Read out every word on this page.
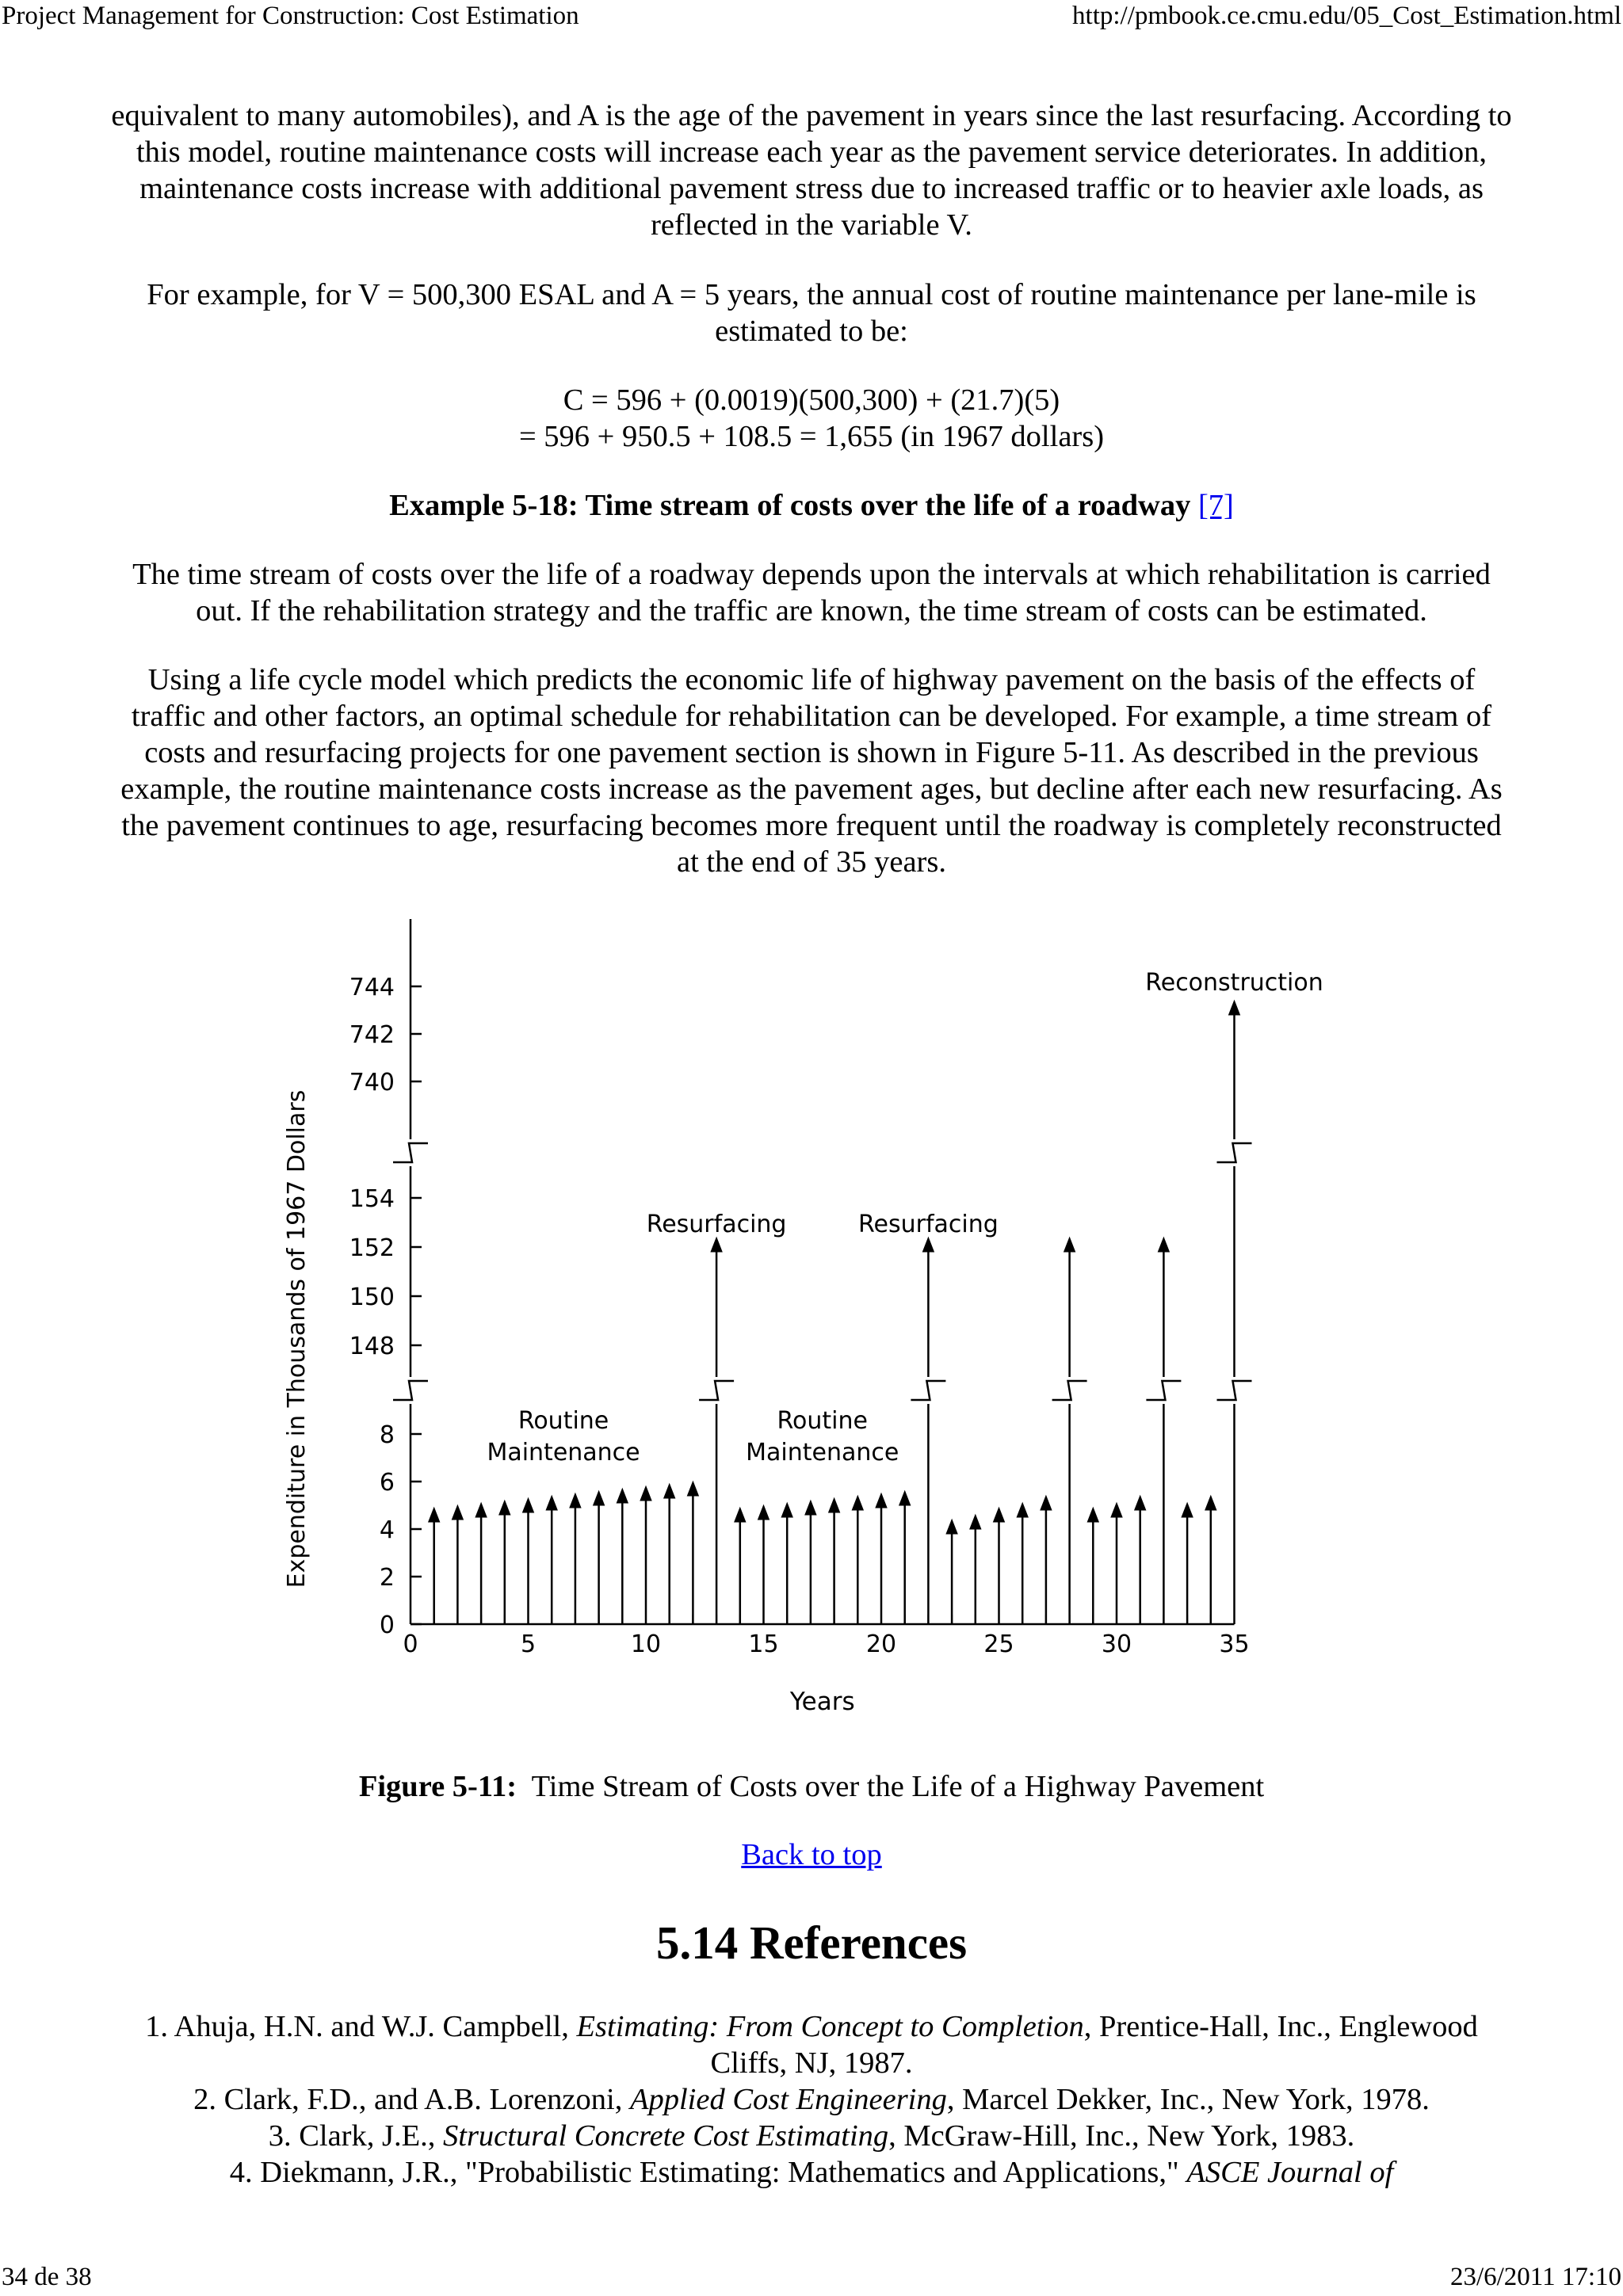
Project Management for Construction: Cost Estimation	http://pmbook.ce.cmu.edu/05_Cost_Estimation.html
equivalent to many automobiles), and A is the age of the pavement in years since the last resurfacing. According to this model, routine maintenance costs will increase each year as the pavement service deteriorates. In addition, maintenance costs increase with additional pavement stress due to increased traffic or to heavier axle loads, as reflected in the variable V.
For example, for V = 500,300 ESAL and A = 5 years, the annual cost of routine maintenance per lane-mile is estimated to be:
C = 596 + (0.0019)(500,300) + (21.7)(5)
= 596 + 950.5 + 108.5 = 1,655 (in 1967 dollars)
Example 5-18: Time stream of costs over the life of a roadway [7]
The time stream of costs over the life of a roadway depends upon the intervals at which rehabilitation is carried out. If the rehabilitation strategy and the traffic are known, the time stream of costs can be estimated.
Using a life cycle model which predicts the economic life of highway pavement on the basis of the effects of traffic and other factors, an optimal schedule for rehabilitation can be developed. For example, a time stream of costs and resurfacing projects for one pavement section is shown in Figure 5-11. As described in the previous example, the routine maintenance costs increase as the pavement ages, but decline after each new resurfacing. As the pavement continues to age, resurfacing becomes more frequent until the roadway is completely reconstructed at the end of 35 years.
0
2
4
6
8
148
150
152
154
740
742
744
0	5	10	15	20	25	30	35
Years
Expenditure in Thousands of 1967 Dollars	Routine
Maintenance
Routine
Maintenance
Resurfacing	Resurfacing
Reconstruction
Figure 5-11: Time Stream of Costs over the Life of a Highway Pavement
Back to top
5.14 References
1. Ahuja, H.N. and W.J. Campbell, Estimating: From Concept to Completion, Prentice-Hall, Inc., Englewood Cliffs, NJ, 1987.
2. Clark, F.D., and A.B. Lorenzoni, Applied Cost Engineering, Marcel Dekker, Inc., New York, 1978.
3. Clark, J.E., Structural Concrete Cost Estimating, McGraw-Hill, Inc., New York, 1983.
4. Diekmann, J.R., "Probabilistic Estimating: Mathematics and Applications," ASCE Journal of
34 de 38	23/6/2011 17:10
